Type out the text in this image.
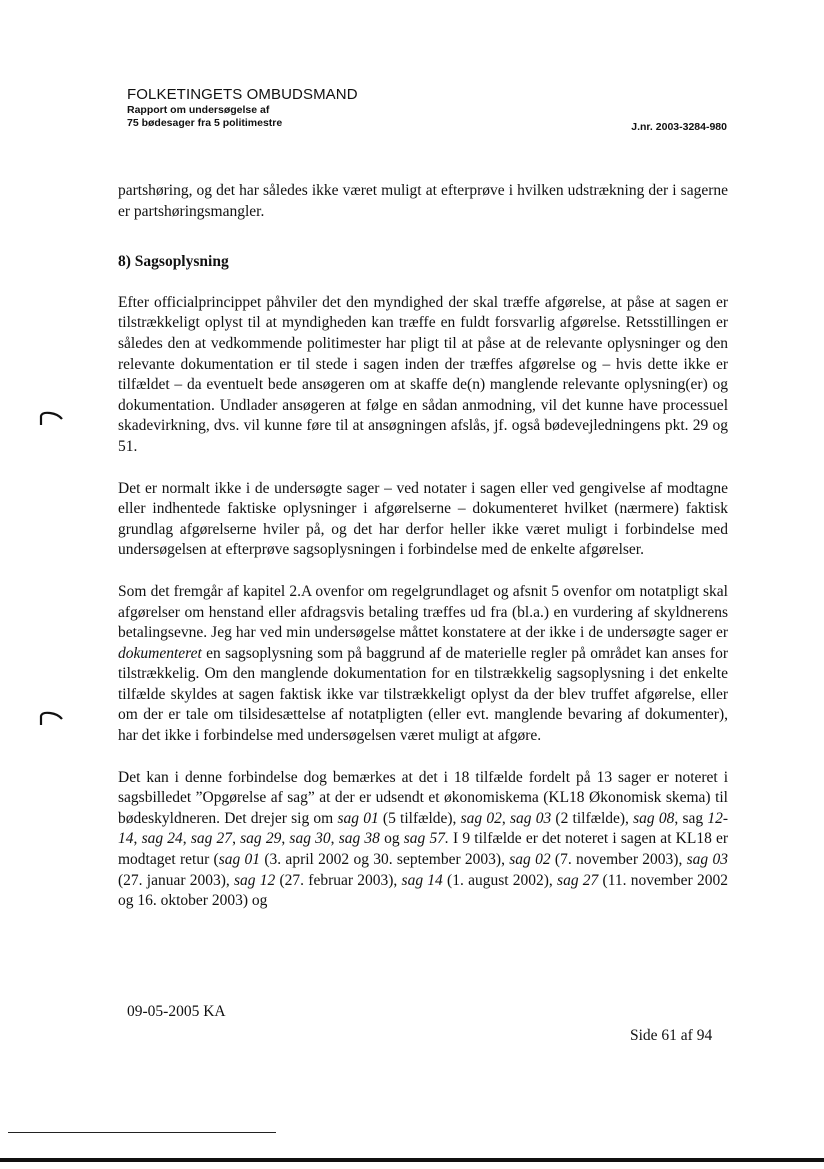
FOLKETINGETS OMBUDSMAND
Rapport om undersøgelse af
75 bødesager fra 5 politimestre	J.nr. 2003-3284-980

partshøring, og det har således ikke været muligt at efterprøve i hvilken udstrækning der i sagerne er partshøringsmangler.

8) Sagsoplysning

Efter officialprincippet påhviler det den myndighed der skal træffe afgørelse, at påse at sagen er tilstrækkeligt oplyst til at myndigheden kan træffe en fuldt forsvarlig afgørelse. Retsstillingen er således den at vedkommende politimester har pligt til at påse at de relevante oplysninger og den relevante dokumentation er til stede i sagen inden der træffes afgørelse og – hvis dette ikke er tilfældet – da eventuelt bede ansøgeren om at skaffe de(n) manglende relevante oplysning(er) og dokumentation. Undlader ansøgeren at følge en sådan anmodning, vil det kunne have processuel skadevirkning, dvs. vil kunne føre til at ansøgningen afslås, jf. også bødevejledningens pkt. 29 og 51.

Det er normalt ikke i de undersøgte sager – ved notater i sagen eller ved gengivelse af modtagne eller indhentede faktiske oplysninger i afgørelserne – dokumenteret hvilket (nærmere) faktisk grundlag afgørelserne hviler på, og det har derfor heller ikke været muligt i forbindelse med undersøgelsen at efterprøve sagsoplysningen i forbindelse med de enkelte afgørelser.

Som det fremgår af kapitel 2.A ovenfor om regelgrundlaget og afsnit 5 ovenfor om notatpligt skal afgørelser om henstand eller afdragsvis betaling træffes ud fra (bl.a.) en vurdering af skyldnerens betalingsevne. Jeg har ved min undersøgelse måttet konstatere at der ikke i de undersøgte sager er dokumenteret en sagsoplysning som på baggrund af de materielle regler på området kan anses for tilstrækkelig. Om den manglende dokumentation for en tilstrækkelig sagsoplysning i det enkelte tilfælde skyldes at sagen faktisk ikke var tilstrækkeligt oplyst da der blev truffet afgørelse, eller om der er tale om tilsidesættelse af notatpligten (eller evt. manglende bevaring af dokumenter), har det ikke i forbindelse med undersøgelsen været muligt at afgøre.

Det kan i denne forbindelse dog bemærkes at det i 18 tilfælde fordelt på 13 sager er noteret i sagsbilledet ”Opgørelse af sag” at der er udsendt et økonomiskema (KL18 Økonomisk skema) til bødeskyldneren. Det drejer sig om sag 01 (5 tilfælde), sag 02, sag 03 (2 tilfælde), sag 08, sag 12-14, sag 24, sag 27, sag 29, sag 30, sag 38 og sag 57. I 9 tilfælde er det noteret i sagen at KL18 er modtaget retur (sag 01 (3. april 2002 og 30. september 2003), sag 02 (7. november 2003), sag 03 (27. januar 2003), sag 12 (27. februar 2003), sag 14 (1. august 2002), sag 27 (11. november 2002 og 16. oktober 2003) og

09-05-2005 KA
Side 61 af 94
